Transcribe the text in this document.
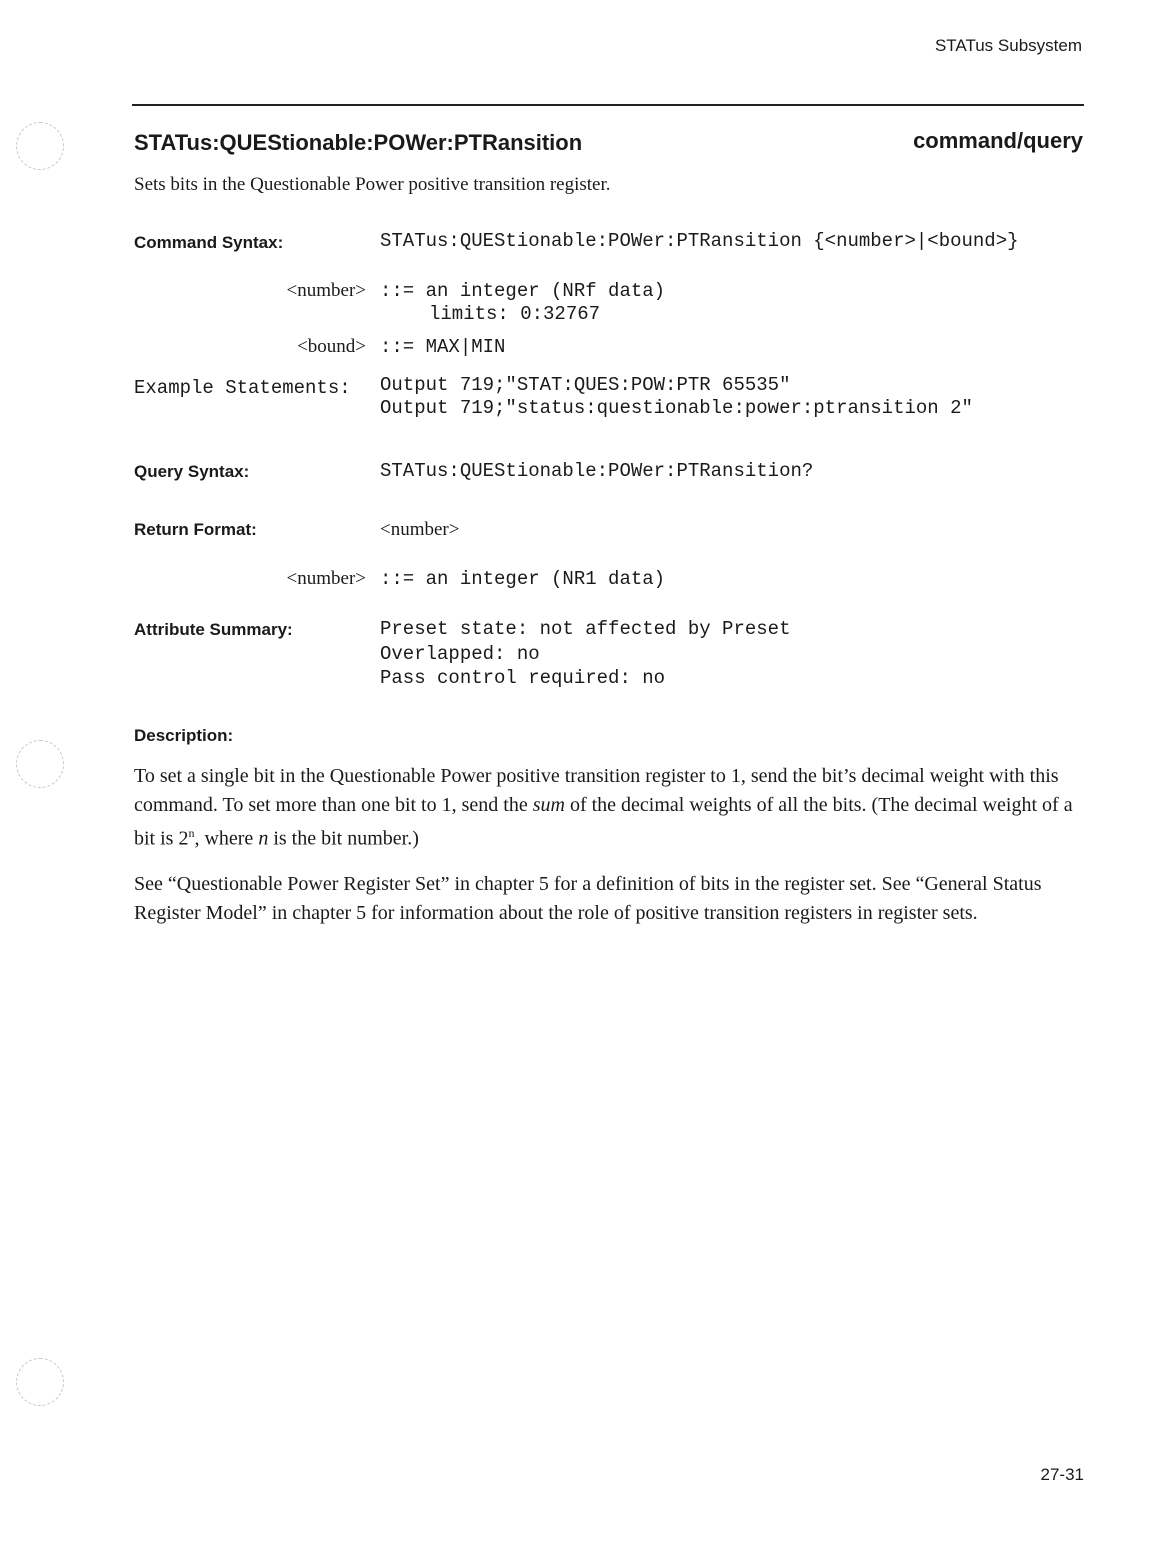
STATus Subsystem
STATus:QUEStionable:POWer:PTRansition	command/query
Sets bits in the Questionable Power positive transition register.
Command Syntax:	STATus:QUEStionable:POWer:PTRansition {<number>|<bound>}
<number> ::= an integer (NRf data)
limits: 0:32767
<bound> ::= MAX|MIN
Example Statements: Output 719;"STAT:QUES:POW:PTR 65535"
Output 719;"status:questionable:power:ptransition 2"
Query Syntax:	STATus:QUEStionable:POWer:PTRansition?
Return Format:	<number>
<number> ::= an integer (NR1 data)
Attribute Summary:	Preset state: not affected by Preset
Overlapped: no
Pass control required: no
Description:

To set a single bit in the Questionable Power positive transition register to 1, send the bit’s decimal weight with this command. To set more than one bit to 1, send the sum of the decimal weights of all the bits. (The decimal weight of a bit is 2$^n$, where n is the bit number.)

See “Questionable Power Register Set” in chapter 5 for a definition of bits in the register set. See “General Status Register Model” in chapter 5 for information about the role of positive transition registers in register sets.

27-31
